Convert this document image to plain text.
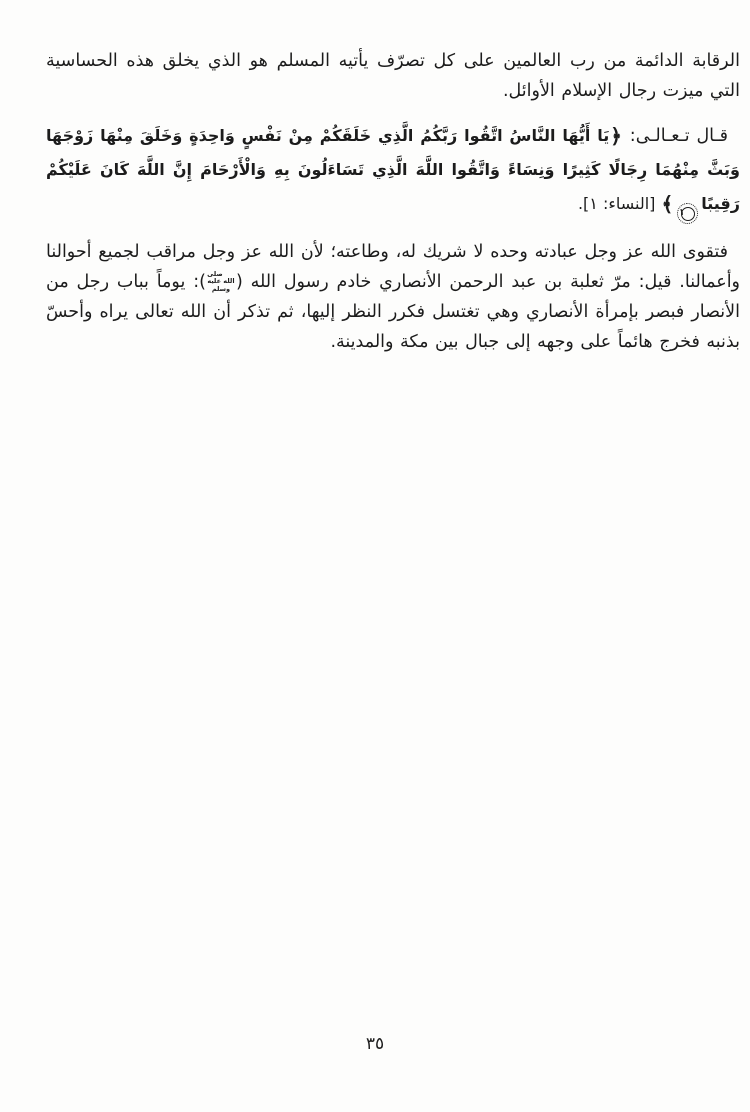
الرقابة الدائمة من رب العالمين على كل تصرّف يأتيه المسلم هو الذي يخلق هذه الحساسية التي ميزت رجال الإسلام الأوائل.

قـال تـعـالـى: ﴿يَا أَيُّهَا النَّاسُ اتَّقُوا رَبَّكُمُ الَّذِي خَلَقَكُمْ مِنْ نَفْسٍ وَاحِدَةٍ وَخَلَقَ مِنْهَا زَوْجَهَا وَبَثَّ مِنْهُمَا رِجَالًا كَثِيرًا وَنِسَاءً وَاتَّقُوا اللَّهَ الَّذِي تَسَاءَلُونَ بِهِ وَالْأَرْحَامَ إِنَّ اللَّهَ كَانَ عَلَيْكُمْ رَقِيبًا
١
﴾ [النساء: ١].

فتقوى الله عز وجل عبادته وحده لا شريك له، وطاعته؛ لأن الله عز وجل مراقب لجميع أحوالنا وأعمالنا. قيل: مرّ ثعلبة بن عبد الرحمن الأنصاري خادم رسول الله (صلى الله عليه وسلم): يوماً بباب رجل من الأنصار فبصر بإمرأة الأنصاري وهي تغتسل فكرر النظر إليها، ثم تذكر أن الله تعالى يراه وأحسّ بذنبه فخرج هائماً على وجهه إلى جبال بين مكة والمدينة.

٣٥
